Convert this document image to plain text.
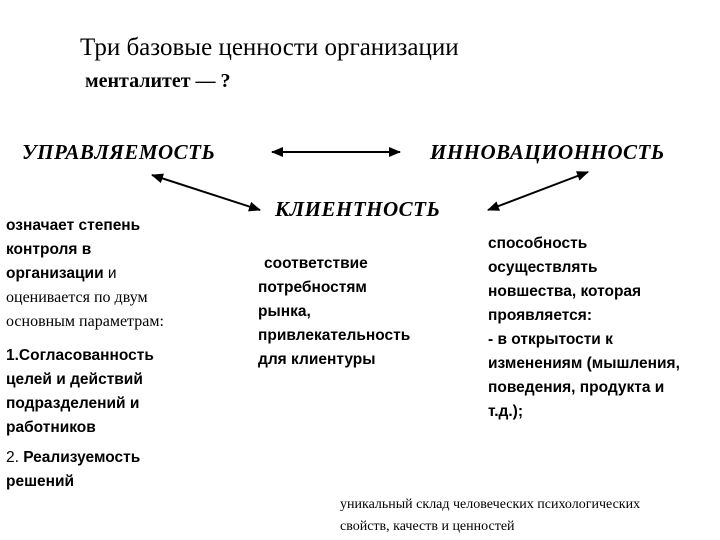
Три базовые ценности организации
менталитет — ?
УПРАВЛЯЕМОСТЬ	ИННОВАЦИОННОСТЬ
КЛИЕНТНОСТЬ
означает степень
контроля в
организации и
оценивается по двум
основным параметрам:
1.Согласованность
целей и действий
подразделений и
работников
2. Реализуемость
решений
соответствие
потребностям
рынка,
привлекательность
для клиентуры
способность
осуществлять
новшества, которая
проявляется:
- в открытости к
изменениям (мышления,
поведения, продукта и
т.д.);
уникальный склад человеческих психологических
свойств, качеств и ценностей
